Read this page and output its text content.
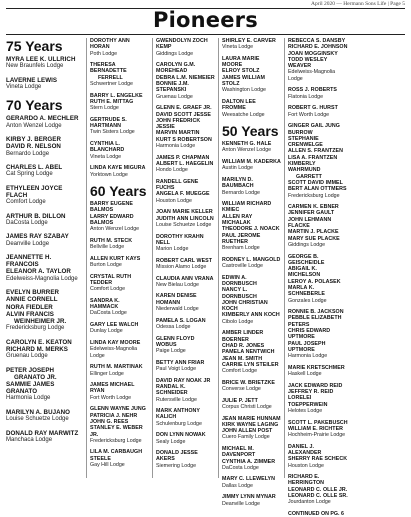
April 2020 — Hermann Sons Life | Page 5
Pioneers
75 Years
MYRA LEE K. ULLRICH
New Braunfels Lodge
LAVERNE LEWIS
Vineta Lodge
70 Years
GERARDO A. MECHLER
Anton Wenzel Lodge
KIRBY J. BERGER
DAVID R. NELSON
Bernardo Lodge
CHARLES L. ABEL
Cat Spring Lodge
ETHYLEEN JOYCE FLACH
Comfort Lodge
ARTHUR B. DILLON
DaCosta Lodge
JAMES RAY SZABAY
Deanville Lodge
JEANNETTE H. FRANCOIS
ELEANOR A. TAYLOR
Edelweiss-Magnolia Lodge
EVELYN BURRER
ANNIE CORNELL
NORA FIEDLER
ALVIN FRANCIS
WEINHEIMER JR.
Fredericksburg Lodge
CAROLYN E. KEATON
RICHARD M. MERKS
Gruenau Lodge
PETER JOSEPH
GRANATO JR.
SAMMIE JAMES GRANATO
Harmonia Lodge
MARILYN A. BUJANO
Louise Schuetze Lodge
DONALD RAY MARWITZ
Manchaca Lodge
DOROTHY ANN HORAN
Poth Lodge
THERESA BERNADETTE
FERRELL
Schwertner Lodge
BARRY L. ENGELKE
RUTH E. MITTAG
Stern Lodge
GERTRUDE S. HARTMANN
Twin Sisters Lodge
CYNTHIA L. BLANCHARD
Vineta Lodge
LINDA KAYE MIGURA
Yorktown Lodge
60 Years
BARRY EUGENE BALMOS
LARRY EDWARD BALMOS
Anton Wenzel Lodge
RUTH M. STECK
Bellville Lodge
ALLEN KURT KAYS
Burton Lodge
CRYSTAL RUTH TEDDER
Comfort Lodge
SANDRA K. HAMMACK
DaCosta Lodge
GARY LEE WALCH
Dunlay Lodge
LINDA KAY MOORE
Edelweiss-Magnolia Lodge
RUTH M. MARTINAK
Ellinger Lodge
JAMES MICHAEL RYAN
Fort Worth Lodge
GLENN WAYNE JUNG
PATRICIA J. NEHR
JOHN G. REES
STANLEY E. WEBER JR.
Fredericksburg Lodge
LILA M. CARBAUGH STEELE
Gay Hill Lodge
GWENDOLYN ZOCH KEMP
Giddings Lodge
CAROLYN G.M. MOREHEAD
DEBRA L.M. NIEMEIER
BONNIE J.M. STEPANSKI
Gruenau Lodge
GLENN E. GRAEF JR.
DAVID SCOTT JESSE
JOHN FREDRICK JESSIE
MARVIN MARTIN
KURT S ROBERTSON
Harmonia Lodge
JAMES P. CHAPMAN
ALBERT L. HAEGELIN
Hondo Lodge
RANDELL GENE FUCHS
ANGELA F. MUEGGE
Houston Lodge
JOAN MARIE KELLER
JUDITH ANN LINCOLN
Louise Schuetze Lodge
DOROTHY KRAHN NELL
Marion Lodge
ROBERT CARL WEST
Mission Alamo Lodge
CLAUDIA ANN VRANA
New Bielau Lodge
KAREN DENISE HOMANN
Niederwald Lodge
PAMELA S. LOGAN
Odessa Lodge
GLENN FLOYD WOBUS
Paige Lodge
BETTY ANN FRIAR
Paul Voigt Lodge
DAVID RAY NOAK JR
RANDAL K. SCHNEIDER
Rutersville Lodge
MARK ANTHONY KALICH
Schulenburg Lodge
DON LYNN NOWAK
Sealy Lodge
DONALD JESSE AKERS
Siemering Lodge
SHIRLEY E. CARVER
Vineta Lodge
LAURA MARIE MOORE
ELROY STOLZ
JAMES WILLIAM STOLZ
Washington Lodge
DALTON LEE FROMME
Weesatche Lodge
50 Years
KENNETH G. HALE
Anton Wenzel Lodge
WILLIAM M. KADERKA
Austin Lodge
MARILYN D. BAUMBACH
Bernardo Lodge
WILLIAM RICHARD KMIEC
ALLEN RAY MICHALAK
THEODORE J. NOACK
PAUL JEROME RUETHER
Brenham Lodge
RODNEY L. MANGOLD
Castroville Lodge
EDWIN A. DORNBUSCH
NANCY L. DORNBUSCH
JOHN CHRISTIAN KOCH
KIMBERLY ANN KOCH
Cibolo Lodge
AMBER LINDER BOERNER
CHAD R. JONES
PAMELA NENTWICH
JEAN M. SMITH
CARRIE LYN STEILER
Comfort Lodge
BRICE W. BRIETZKE
Converse Lodge
JULIE P. JETT
Corpus Christi Lodge
JEAN MARIE HUNNAM
KIRK WAYNE LAGING
JOHN ALLEN POST
Cuero Family Lodge
MICHAEL M. DAVENPORT
CYNTHIA A. ZIMMER
DaCosta Lodge
MARY C. LLEWELYN
Dallas Lodge
JIMMY LYNN MYNAR
Deanville Lodge
REBECCA S. DANSBY
RICHARD E. JOHNSON
JOAN MOGGINSKY
TODD WESLEY WEAVER
Edelweiss-Magnolia Lodge
ROSS J. ROBERTS
Flatonia Lodge
ROBERT G. HURST
Fort Worth Lodge
GINGER GAIL JUNG BURROW
STEPHANIE CRENWELGE
ALLEN S. FRANTZEN
LISA A. FRANTZEN
KIMBERLY WAHRMUND
GARRETT
SCOTT DAVID IMMEL
BERT ALAN OTTMERS
Fredericksburg Lodge
CARMEN K. EBNER
JENNIFER GAULT
JOHN LEHMANN FLACKE
MARTIN J. PLACKE
MARY SUE PLACKE
Giddings Lodge
GEORGE B. GEISCHEIDLE
ABIGAIL K. MICHELSON
LEROY A. POLASEK
MARLA K. SCHNEBERLE
Gonzales Lodge
RONNIE B. JACKSON
PEBBLE ELIZABETH PETERS
CHRIS EDWARD UPTMORE
PAUL JOSEPH UPTMORE
Harmonia Lodge
MARIE KRETSCHMER
Haskell Lodge
JACK EDWARD REID
JEFFREY R. REID
LORELEI TOEPPERWEIN
Helotes Lodge
SCOTT L. PAKEBUSCH
WILLIAM E. RICHTER
Hochheim-Prairie Lodge
DANIEL J. ALEXANDER
SHERRY RAE SCHECK
Houston Lodge
RICHARD E. HERRINGTON
LEONARD C. OLLE JR.
LEONARD C. OLLE SR.
Jourdanton Lodge
CONTINUED ON PG. 6
